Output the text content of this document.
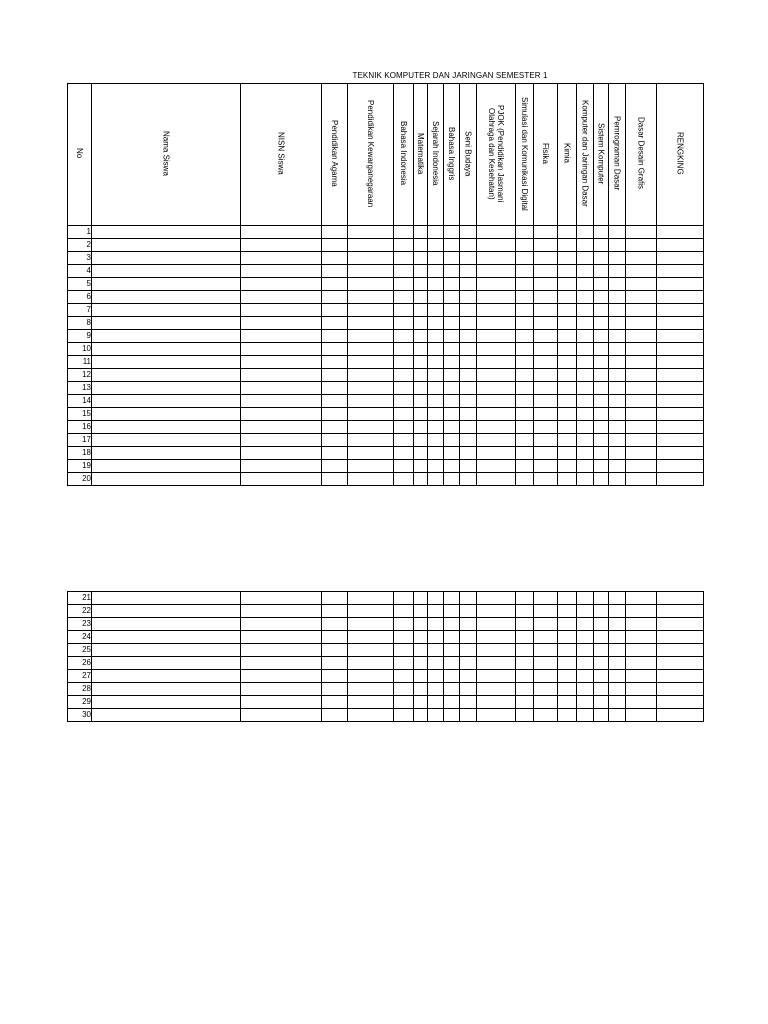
TEKNIK KOMPUTER DAN JARINGAN SEMESTER 1
No	Nama Siswa	NISN Siswa	Pendidikan Agama	Pendidikan Kewarganegaraan	Bahasa Indonesia	Matematika	Sejarah Indonesia	Bahasa Inggris	Seni Budaya	PJOK (Pendidikan Jasmani
Olahraga dan Kesehatan)	Simulasi dan Komunikasi Digital	Fisika	Kimia	Komputer dan Jaringan Dasar	Sistem Komputer	Pemrograman Dasar	Dasar Desain Grafis	RENGKING
1																		
2																		
3																		
4																		
5																		
6																		
7																		
8																		
9																		
10																		
11																		
12																		
13																		
14																		
15																		
16																		
17																		
18																		
19																		
20																		
21																		
22																		
23																		
24																		
25																		
26																		
27																		
28																		
29																		
30																		
